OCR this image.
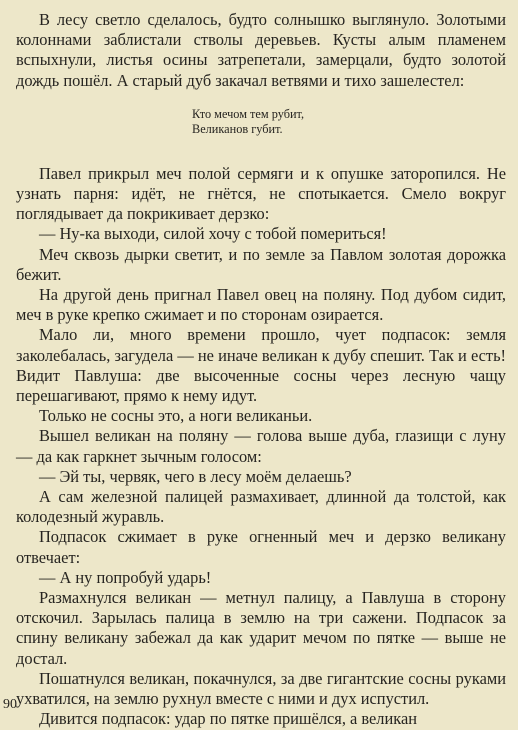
В лесу светло сделалось, будто солнышко выглянуло. Золотыми колоннами заблистали стволы деревьев. Кусты алым пламенем вспыхнули, листья осины затрепетали, замерцали, будто золотой дождь пошёл. А старый дуб закачал ветвями и тихо зашелестел:

Кто мечом тем рубит,
Великанов губит.

Павел прикрыл меч полой сермяги и к опушке заторопился. Не узнать парня: идёт, не гнётся, не спотыкается. Смело вокруг поглядывает да покрикивает дерзко:

— Ну-ка выходи, силой хочу с тобой помериться!

Меч сквозь дырки светит, и по земле за Павлом золотая дорожка бежит.

На другой день пригнал Павел овец на поляну. Под дубом сидит, меч в руке крепко сжимает и по сторонам озирается.

Мало ли, много времени прошло, чует подпасок: земля заколебалась, загудела — не иначе великан к дубу спешит. Так и есть! Видит Павлуша: две высоченные сосны через лесную чащу перешагивают, прямо к нему идут.

Только не сосны это, а ноги великаньи.

Вышел великан на поляну — голова выше дуба, глазищи с луну — да как гаркнет зычным голосом:

— Эй ты, червяк, чего в лесу моём делаешь?

А сам железной палицей размахивает, длинной да толстой, как колодезный журавль.

Подпасок сжимает в руке огненный меч и дерзко великану отвечает:

— А ну попробуй ударь!

Размахнулся великан — метнул палицу, а Павлуша в сторону отскочил. Зарылась палица в землю на три сажени. Подпасок за спину великану забежал да как ударит мечом по пятке — выше не достал.

Пошатнулся великан, покачнулся, за две гигантские сосны руками ухватился, на землю рухнул вместе с ними и дух испустил.

Дивится подпасок: удар по пятке пришёлся, а великан

90
